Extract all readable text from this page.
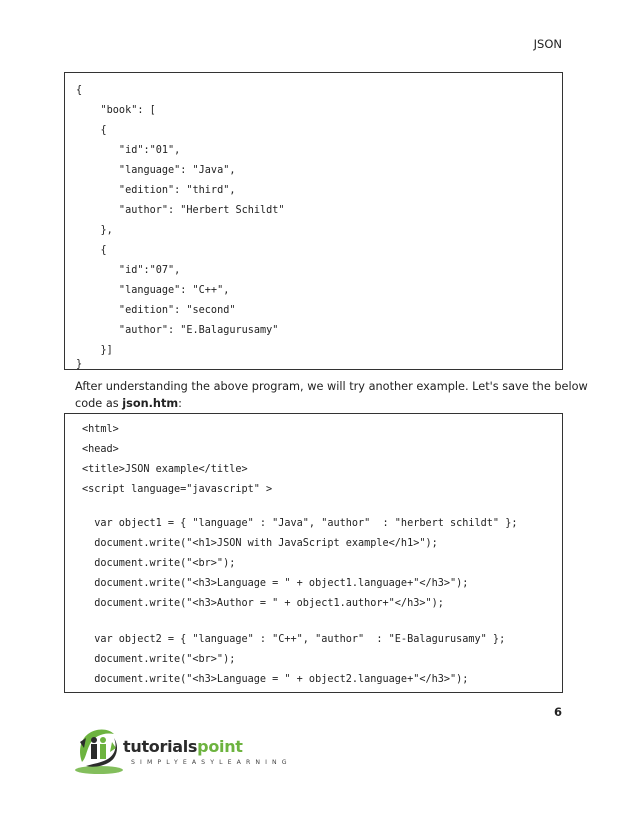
JSON
{
"book": [
{
"id":"01",
"language": "Java",
"edition": "third",
"author": "Herbert Schildt"
},
{
"id":"07",
"language": "C++",
"edition": "second"
"author": "E.Balagurusamy"
}]
}
After understanding the above program, we will try another example. Let's save the below
code as json.htm:
<html>
<head>
<title>JSON example</title>
<script language="javascript" >
var object1 = { "language" : "Java", "author"  : "herbert schildt" };
document.write("<h1>JSON with JavaScript example</h1>");
document.write("<br>");
document.write("<h3>Language = " + object1.language+"</h3>");
document.write("<h3>Author = " + object1.author+"</h3>");
var object2 = { "language" : "C++", "author"  : "E-Balagurusamy" };
document.write("<br>");
document.write("<h3>Language = " + object2.language+"</h3>");
6
tutorialspoint
SIMPLYEASYLEARNING
